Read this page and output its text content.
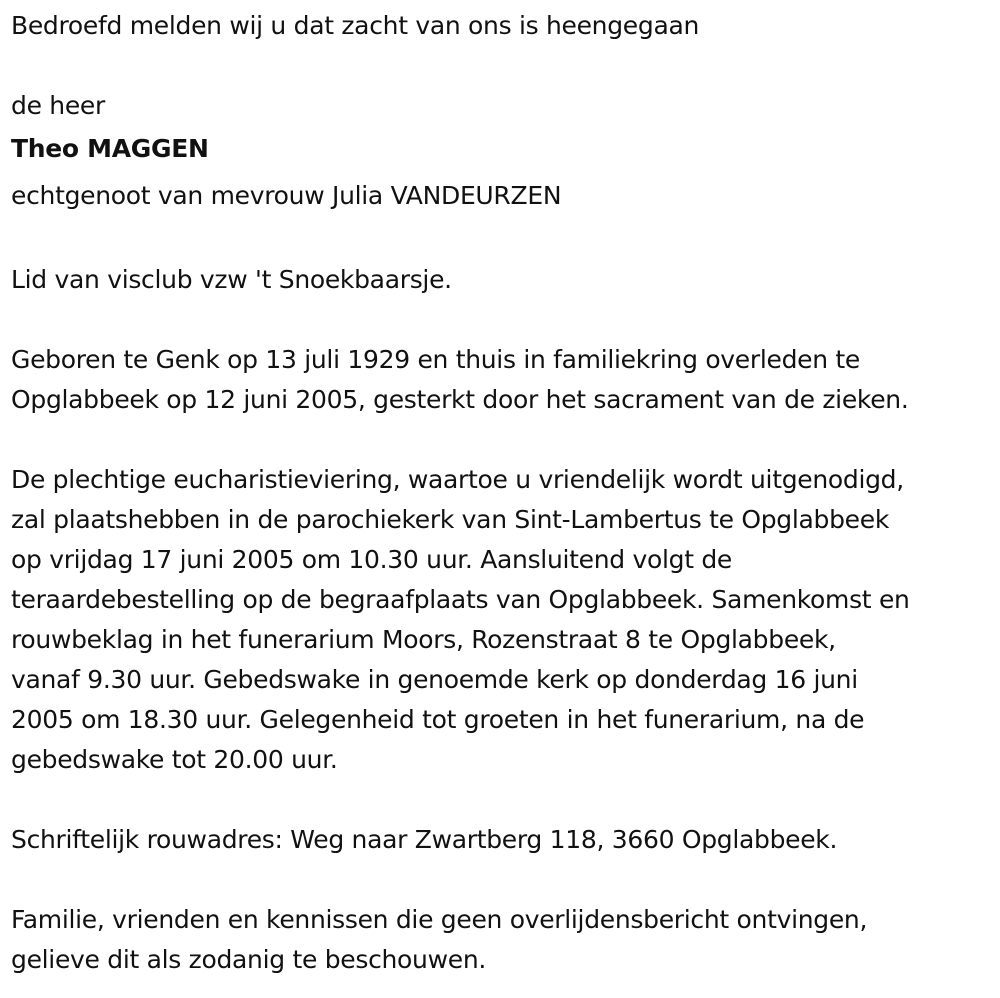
Bedroefd melden wij u dat zacht van ons is heengegaan

de heer

Theo MAGGEN

echtgenoot van mevrouw Julia VANDEURZEN

Lid van visclub vzw 't Snoekbaarsje.

Geboren te Genk op 13 juli 1929 en thuis in familiekring overleden te

Opglabbeek op 12 juni 2005, gesterkt door het sacrament van de zieken.

De plechtige eucharistieviering, waartoe u vriendelijk wordt uitgenodigd,

zal plaatshebben in de parochiekerk van Sint-Lambertus te Opglabbeek

op vrijdag 17 juni 2005 om 10.30 uur. Aansluitend volgt de

teraardebestelling op de begraafplaats van Opglabbeek. Samenkomst en

rouwbeklag in het funerarium Moors, Rozenstraat 8 te Opglabbeek,

vanaf 9.30 uur. Gebedswake in genoemde kerk op donderdag 16 juni

2005 om 18.30 uur. Gelegenheid tot groeten in het funerarium, na de

gebedswake tot 20.00 uur.

Schriftelijk rouwadres: Weg naar Zwartberg 118, 3660 Opglabbeek.

Familie, vrienden en kennissen die geen overlijdensbericht ontvingen,

gelieve dit als zodanig te beschouwen.
